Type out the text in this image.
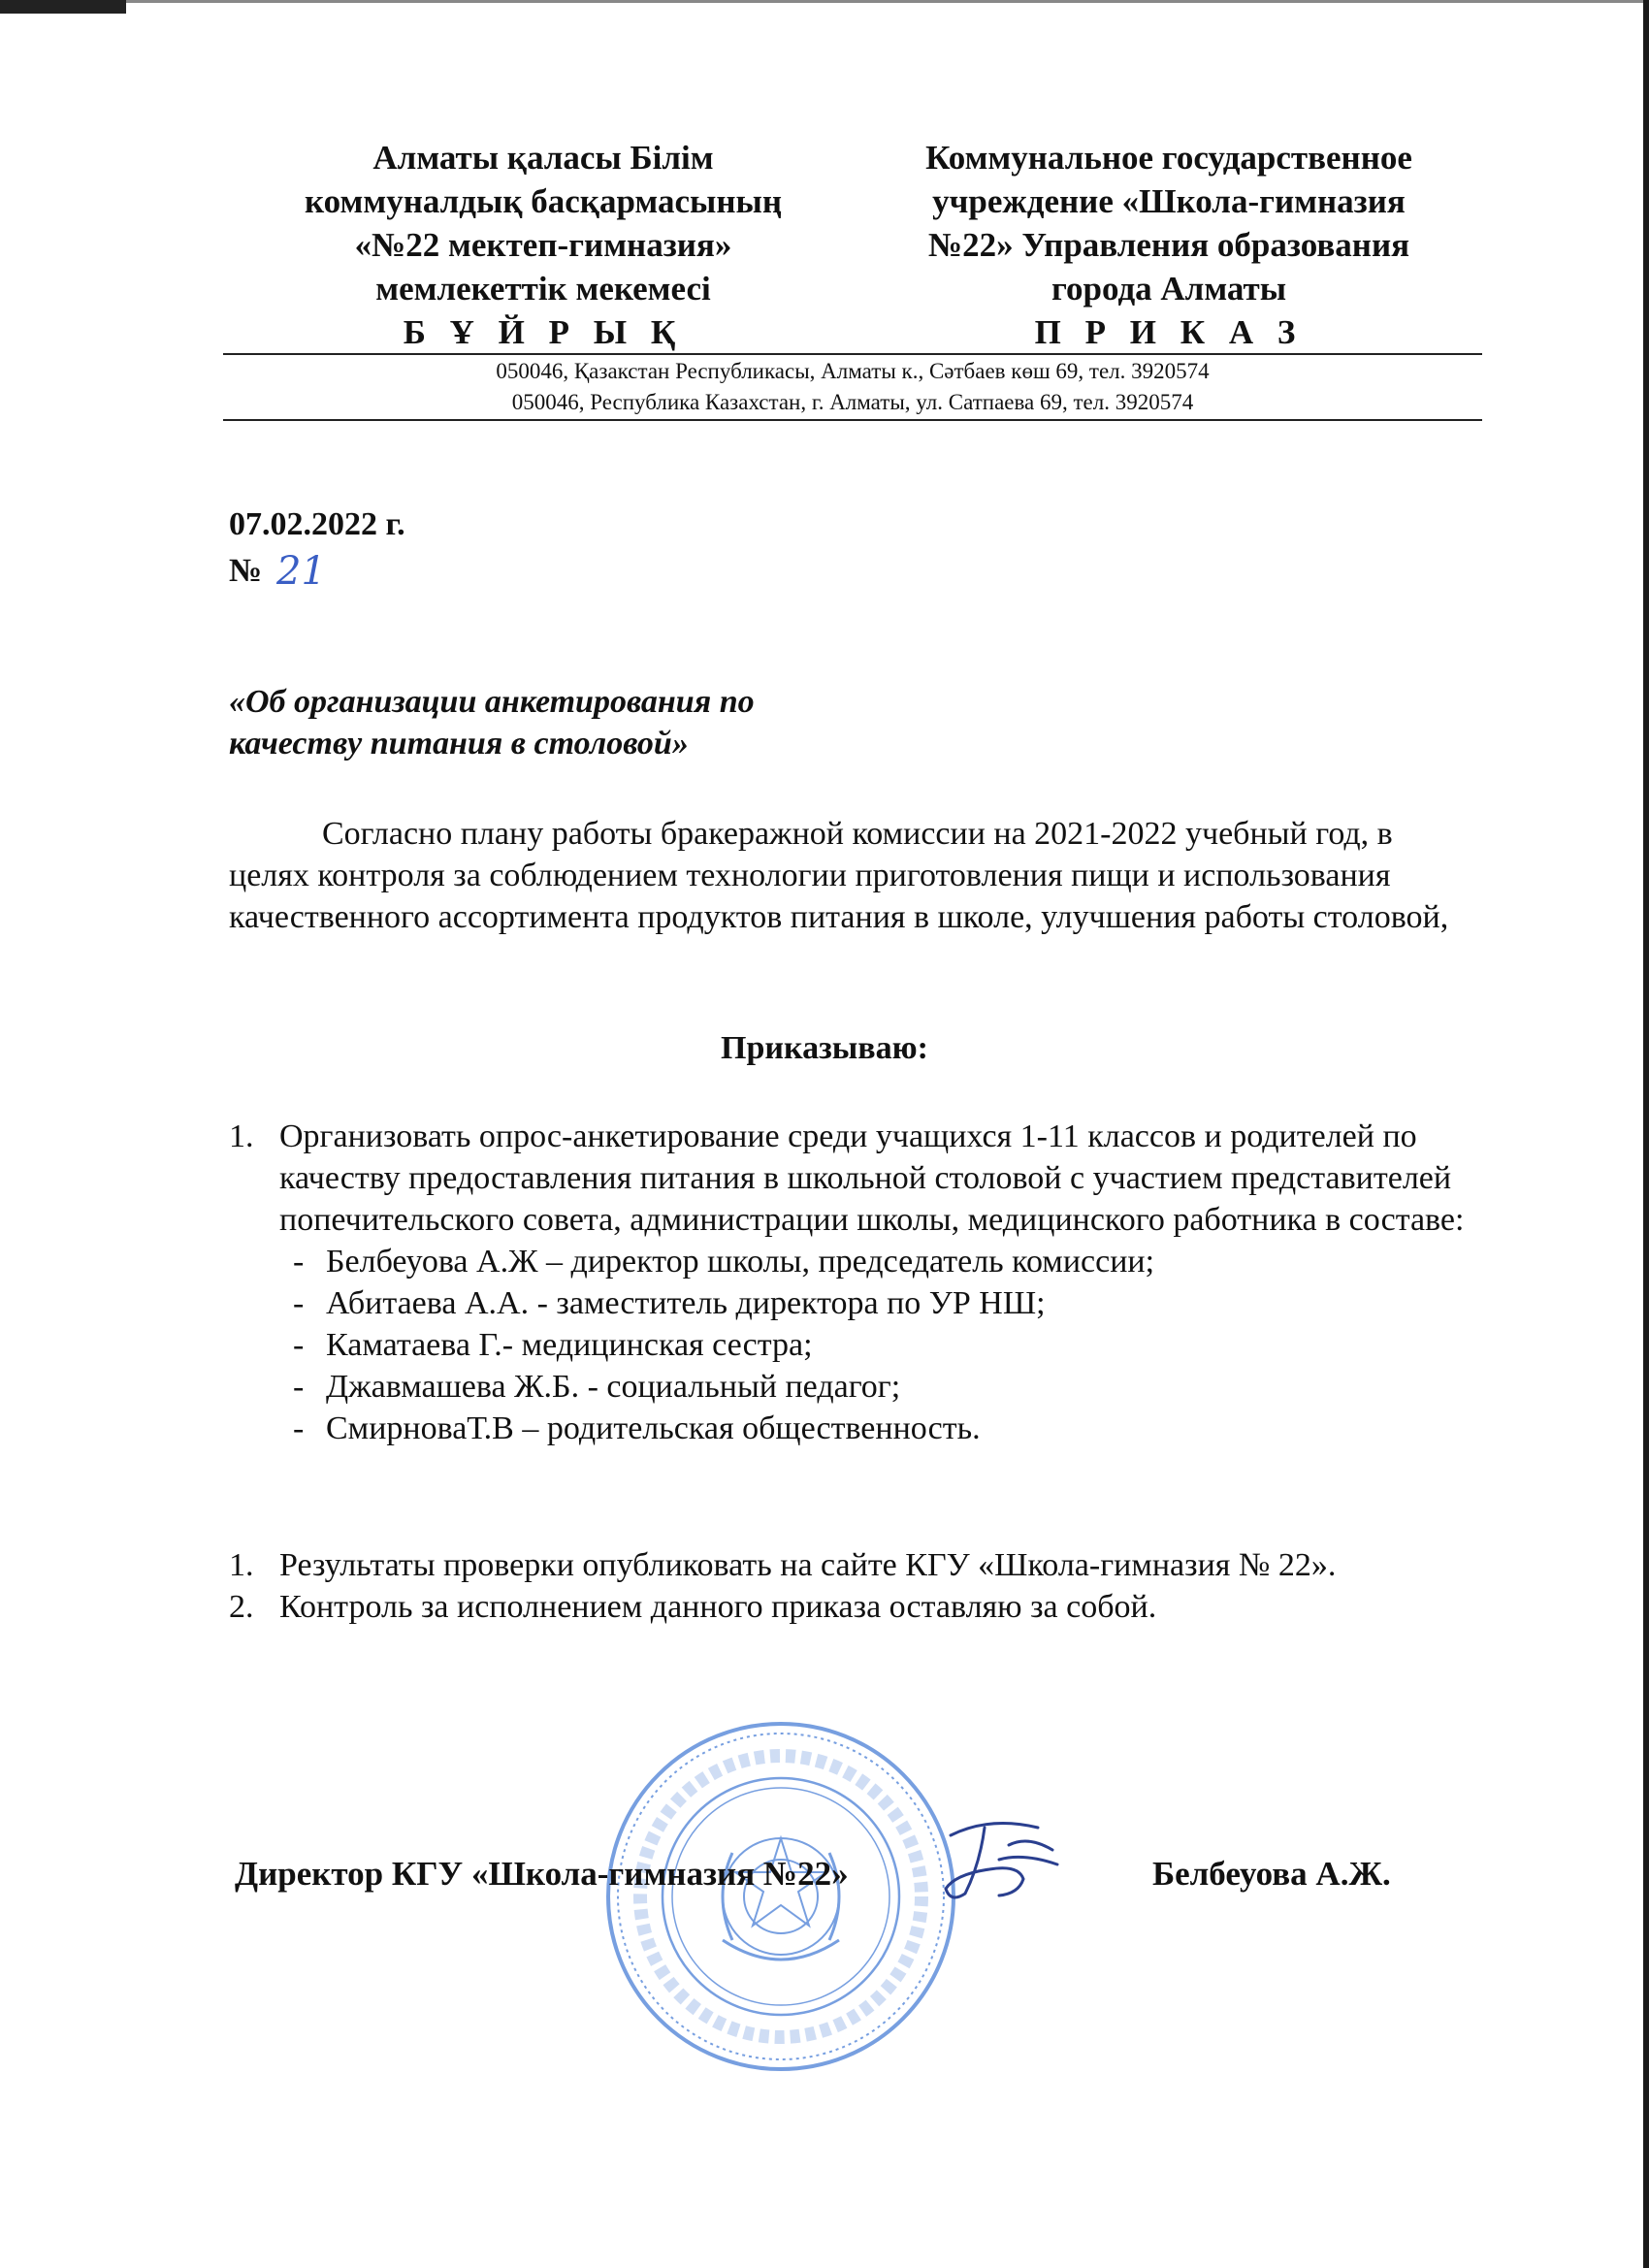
Алматы қаласы Білім
коммуналдық басқармасының
«№22 мектеп-гимназия»
мемлекеттік мекемесі
Б Ұ Й Р Ы Қ
Коммунальное государственное
учреждение «Школа-гимназия
№22» Управления образования
города Алматы
П Р И К А З
050046, Қазакстан Республикасы, Алматы к., Сәтбаев көш 69, тел. 3920574
050046, Республика Казахстан, г. Алматы, ул. Сатпаева 69, тел. 3920574
07.02.2022 г.
№ 21
«Об организации анкетирования по
качеству питания в столовой»
Согласно плану работы бракеражной комиссии на 2021-2022 учебный год, в целях контроля за соблюдением технологии приготовления пищи и использования качественного ассортимента продуктов питания в школе, улучшения работы столовой,
Приказываю:
1. Организовать опрос-анкетирование среди учащихся 1-11 классов и родителей по качеству предоставления питания в школьной столовой с участием представителей попечительского совета, администрации школы, медицинского работника в составе:
- Белбеуова А.Ж – директор школы, председатель комиссии;
- Абитаева А.А. - заместитель директора по УР НШ;
- Каматаева Г.- медицинская сестра;
- Джавмашева Ж.Б. - социальный педагог;
- СмирноваТ.В – родительская общественность.
1. Результаты проверки опубликовать на сайте КГУ «Школа-гимназия № 22».
2. Контроль за исполнением данного приказа оставляю за собой.
Директор КГУ «Школа-гимназия №22»	Белбеуова А.Ж.
